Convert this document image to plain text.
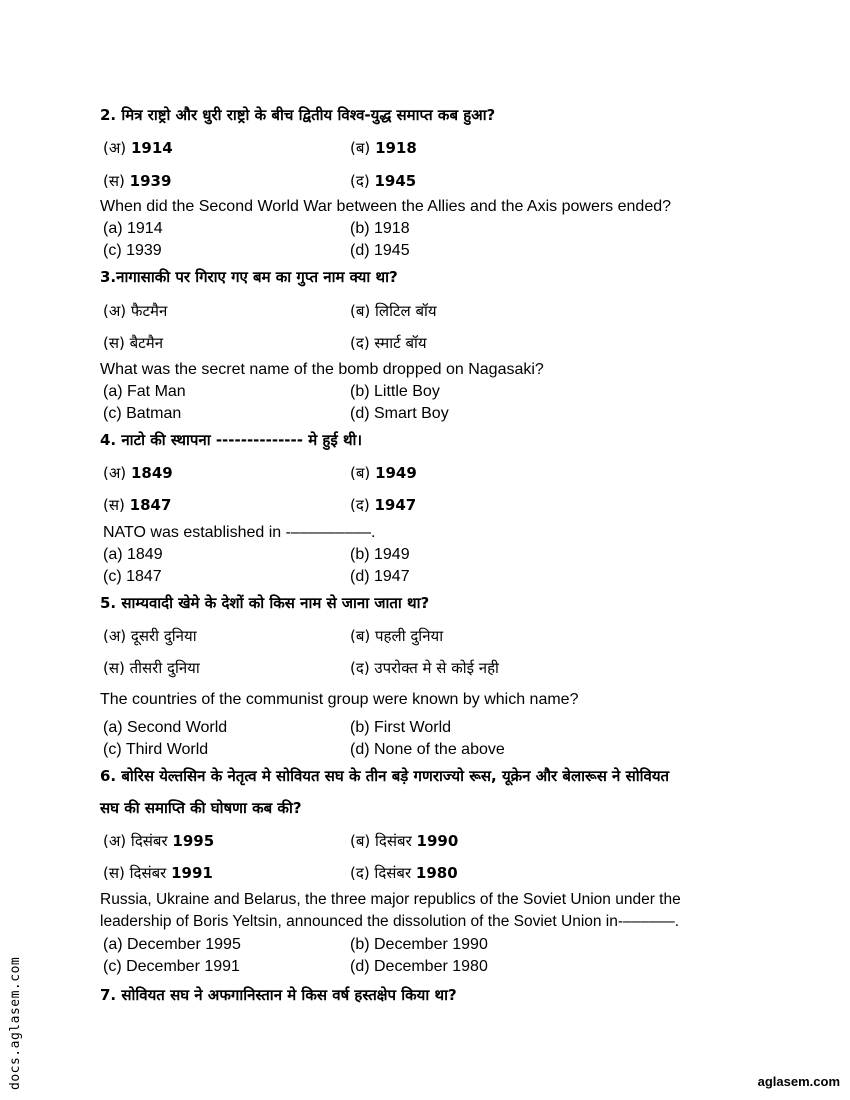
2. मित्र राष्ट्रो और धुरी राष्ट्रो के बीच द्वितीय विश्व-युद्ध समाप्त कब हुआ?
(अ) 1914	(ब) 1918
(स) 1939	(द) 1945
When did the Second World War between the Allies and the Axis powers ended?
(a) 1914	(b) 1918
(c) 1939	(d) 1945
3.नागासाकी पर गिराए गए बम का गुप्त नाम क्या था?
(अ) फैटमैन	(ब) लिटिल बॉय
(स) बैटमैन	(द) स्मार्ट बॉय
What was the secret name of the bomb dropped on Nagasaki?
(a) Fat Man	(b) Little Boy
(c) Batman	(d) Smart Boy
4. नाटो की स्थापना -------------- मे हुई थी।
(अ) 1849	(ब) 1949
(स) 1847	(द) 1947
NATO was established in -–––––––––.
(a) 1849	(b) 1949
(c) 1847	(d) 1947
5. साम्यवादी खेमे के देशों को किस नाम से जाना जाता था?
(अ) दूसरी दुनिया	(ब) पहली दुनिया
(स) तीसरी दुनिया	(द) उपरोक्त मे से कोई नही
The countries of the communist group were known by which name?
(a) Second World	(b) First World
(c) Third World	(d) None of the above
6. बोरिस येल्तसिन के नेतृत्व मे सोवियत सघ के तीन बड़े गणराज्यो रूस, यूक्रेन और बेलारूस ने सोवियत
सघ की समाप्ति की घोषणा कब की?
(अ) दिसंबर 1995	(ब) दिसंबर 1990
(स) दिसंबर 1991	(द) दिसंबर 1980
Russia, Ukraine and Belarus, the three major republics of the Soviet Union under the
leadership of Boris Yeltsin, announced the dissolution of the Soviet Union in-––––––.
(a) December 1995	(b) December 1990
(c) December 1991	(d) December 1980
7. सोवियत सघ ने अफगानिस्तान मे किस वर्ष हस्तक्षेप किया था?
docs.aglasem.com	aglasem.com
